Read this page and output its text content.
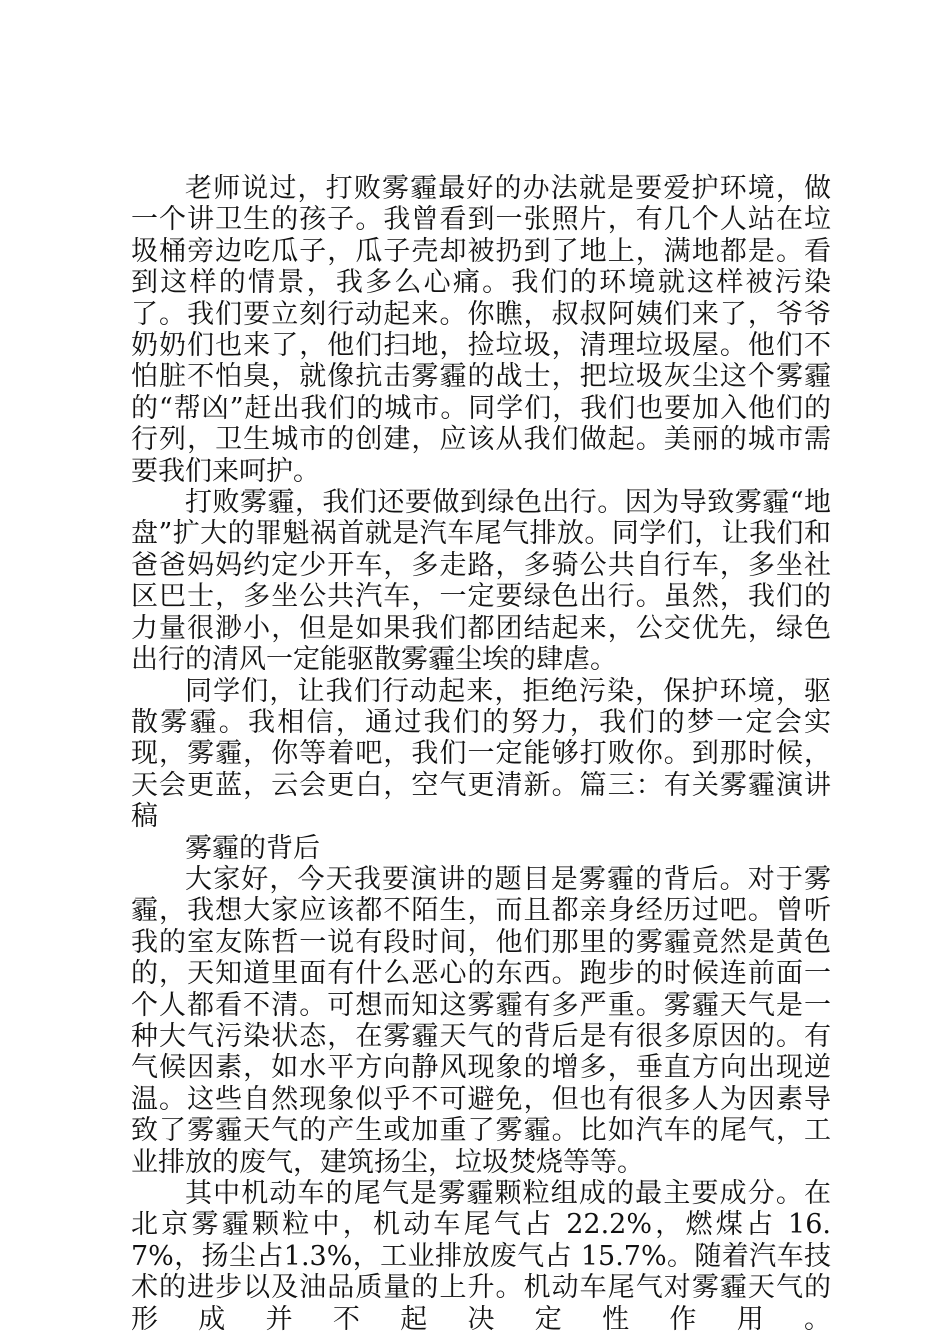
老师说过，打败雾霾最好的办法就是要爱护环境，做一个讲卫生的孩子。我曾看到一张照片，有几个人站在垃圾桶旁边吃瓜子，瓜子壳却被扔到了地上，满地都是。看到这样的情景，我多么心痛。我们的环境就这样被污染了。我们要立刻行动起来。你瞧，叔叔阿姨们来了，爷爷奶奶们也来了，他们扫地，捡垃圾，清理垃圾屋。他们不怕脏不怕臭，就像抗击雾霾的战士，把垃圾灰尘这个雾霾的“帮凶”赶出我们的城市。同学们，我们也要加入他们的行列，卫生城市的创建，应该从我们做起。美丽的城市需要我们来呵护。

打败雾霾，我们还要做到绿色出行。因为导致雾霾“地盘”扩大的罪魁祸首就是汽车尾气排放。同学们，让我们和爸爸妈妈约定少开车，多走路，多骑公共自行车，多坐社区巴士，多坐公共汽车，一定要绿色出行。虽然，我们的力量很渺小，但是如果我们都团结起来，公交优先，绿色出行的清风一定能驱散雾霾尘埃的肆虐。

同学们，让我们行动起来，拒绝污染，保护环境，驱散雾霾。我相信，通过我们的努力，我们的梦一定会实现，雾霾，你等着吧，我们一定能够打败你。到那时候，天会更蓝，云会更白，空气更清新。篇三：有关雾霾演讲稿

雾霾的背后

大家好，今天我要演讲的题目是雾霾的背后。对于雾霾，我想大家应该都不陌生，而且都亲身经历过吧。曾听我的室友陈哲一说有段时间，他们那里的雾霾竟然是黄色的，天知道里面有什么恶心的东西。跑步的时候连前面一个人都看不清。可想而知这雾霾有多严重。雾霾天气是一种大气污染状态，在雾霾天气的背后是有很多原因的。有气候因素，如水平方向静风现象的增多，垂直方向出现逆温。这些自然现象似乎不可避免，但也有很多人为因素导致了雾霾天气的产生或加重了雾霾。比如汽车的尾气，工业排放的废气，建筑扬尘，垃圾焚烧等等。

其中机动车的尾气是雾霾颗粒组成的最主要成分。在北京雾霾颗粒中，机动车尾气占 22.2%，燃煤占 16.7%，扬尘占1.3%，工业排放废气占 15.7%。随着汽车技术的进步以及油品质量的上升。机动车尾气对雾霾天气的形成并不起决定性作用。
